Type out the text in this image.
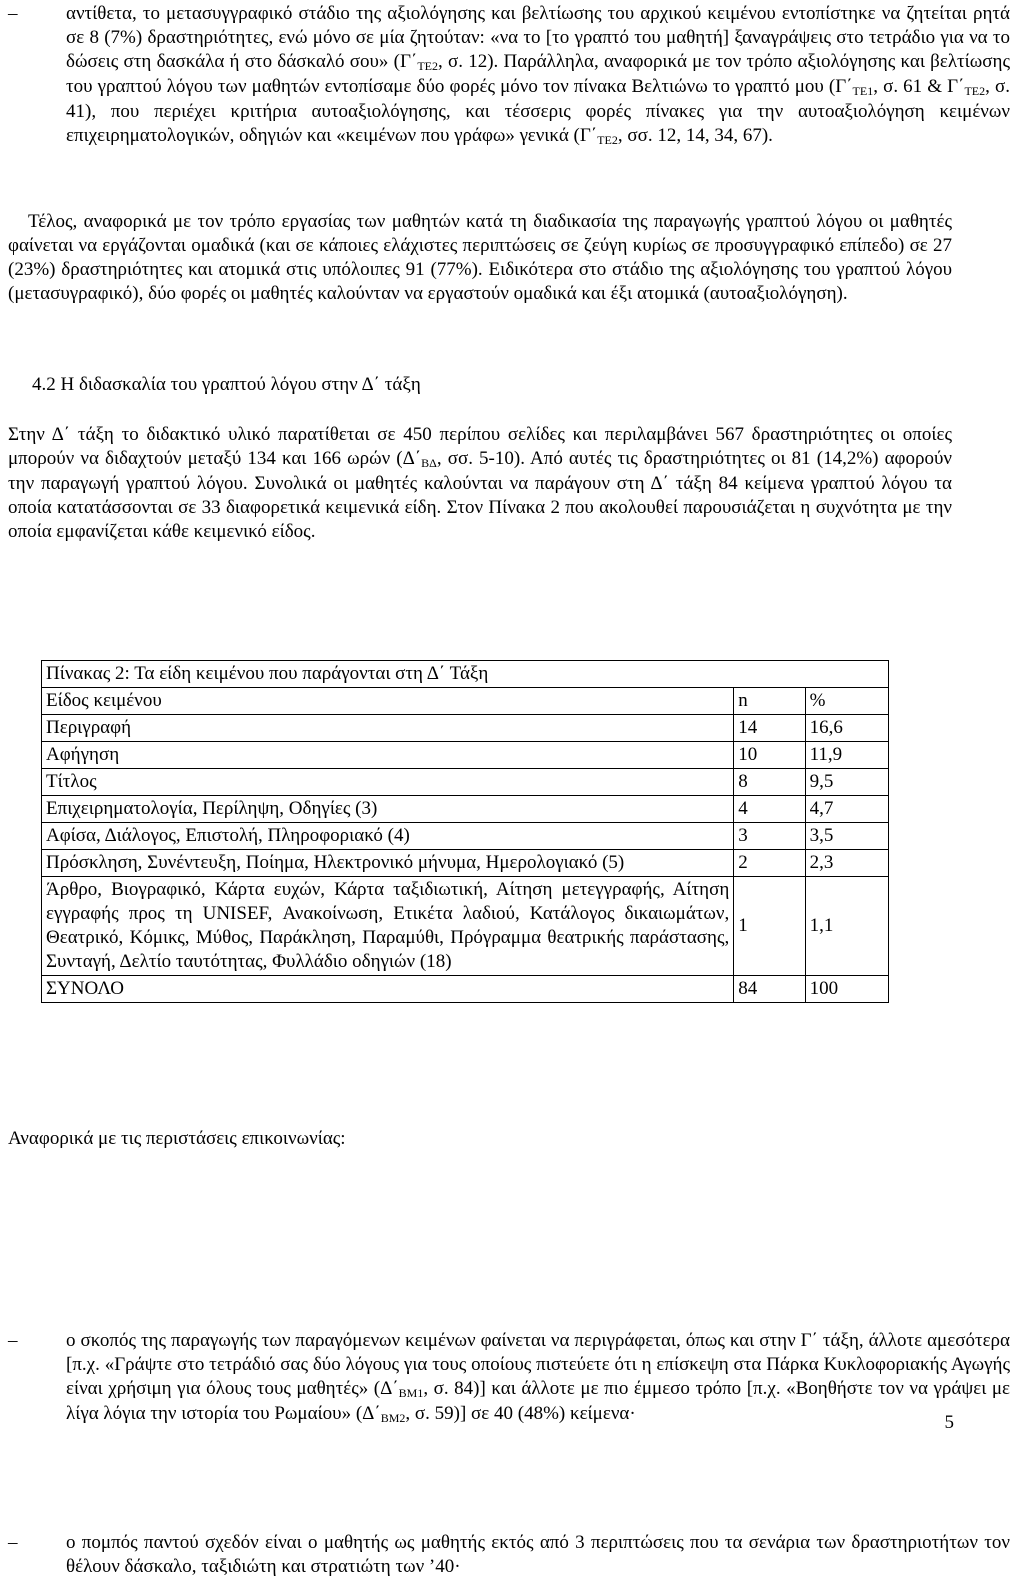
–	αντίθετα, το μετασυγγραφικό στάδιο της αξιολόγησης και βελτίωσης του αρχικού κειμένου εντοπίστηκε να ζητείται ρητά σε 8 (7%) δραστηριότητες, ενώ μόνο σε μία ζητούταν: «να το [το γραπτό του μαθητή] ξαναγράψεις στο τετράδιο για να το δώσεις στη δασκάλα ή στο δάσκαλό σου» ($\Gamma΄_{TE2}$, σ. 12). Παράλληλα, αναφορικά με τον τρόπο αξιολόγησης και βελτίωσης του γραπτού λόγου των μαθητών εντοπίσαμε δύο φορές μόνο τον πίνακα Βελτιώνω το γραπτό μου ($\Gamma΄_{TE1}$, σ. 61 & $\Gamma΄_{TE2}$, σ. 41), που περιέχει κριτήρια αυτοαξιολόγησης, και τέσσερις φορές πίνακες για την αυτοαξιολόγηση κειμένων επιχειρηματολογικών, οδηγιών και «κειμένων που γράφω» γενικά ($\Gamma΄_{TE2}$, σσ. 12, 14, 34, 67).

Τέλος, αναφορικά με τον τρόπο εργασίας των μαθητών κατά τη διαδικασία της παραγωγής γραπτού λόγου οι μαθητές φαίνεται να εργάζονται ομαδικά (και σε κάποιες ελάχιστες περιπτώσεις σε ζεύγη κυρίως σε προσυγγραφικό επίπεδο) σε 27 (23%) δραστηριότητες και ατομικά στις υπόλοιπες 91 (77%). Ειδικότερα στο στάδιο της αξιολόγησης του γραπτού λόγου (μετασυγραφικό), δύο φορές οι μαθητές καλούνταν να εργαστούν ομαδικά και έξι ατομικά (αυτοαξιολόγηση).

4.2 Η διδασκαλία του γραπτού λόγου στην Δ΄ τάξη

Στην Δ΄ τάξη το διδακτικό υλικό παρατίθεται σε 450 περίπου σελίδες και περιλαμβάνει 567 δραστηριότητες οι οποίες μπορούν να διδαχτούν μεταξύ 134 και 166 ωρών ($\Delta΄_{B\Delta}$, σσ. 5-10). Από αυτές τις δραστηριότητες οι 81 (14,2%) αφορούν την παραγωγή γραπτού λόγου. Συνολικά οι μαθητές καλούνται να παράγουν στη Δ΄ τάξη 84 κείμενα γραπτού λόγου τα οποία κατατάσσονται σε 33 διαφορετικά κειμενικά είδη. Στον Πίνακα 2 που ακολουθεί παρουσιάζεται η συχνότητα με την οποία εμφανίζεται κάθε κειμενικό είδος.

Πίνακας 2: Τα είδη κειμένου που παράγονται στη Δ΄ Τάξη		
Είδος κειμένου	n	%
Περιγραφή	14	16,6
Αφήγηση	10	11,9
Τίτλος	8	9,5
Επιχειρηματολογία, Περίληψη, Οδηγίες (3)	4	4,7
Αφίσα, Διάλογος, Επιστολή, Πληροφοριακό (4)	3	3,5
Πρόσκληση, Συνέντευξη, Ποίημα, Ηλεκτρονικό μήνυμα, Ημερολογιακό (5)	2	2,3
Άρθρο, Βιογραφικό, Κάρτα ευχών, Κάρτα ταξιδιωτική, Αίτηση μετεγγραφής, Αίτηση εγγραφής προς τη UNISEF, Ανακοίνωση, Ετικέτα λαδιού, Κατάλογος δικαιωμάτων, Θεατρικό, Κόμικς, Μύθος, Παράκληση, Παραμύθι, Πρόγραμμα θεατρικής παράστασης, Συνταγή, Δελτίο ταυτότητας, Φυλλάδιο οδηγιών (18)	1	1,1
ΣΥΝΟΛΟ	84	100

Αναφορικά με τις περιστάσεις επικοινωνίας:

–	ο σκοπός της παραγωγής των παραγόμενων κειμένων φαίνεται να περιγράφεται, όπως και στην Γ΄ τάξη, άλλοτε αμεσότερα [π.χ. «Γράψτε στο τετράδιό σας δύο λόγους για τους οποίους πιστεύετε ότι η επίσκεψη στα Πάρκα Κυκλοφοριακής Αγωγής είναι χρήσιμη για όλους τους μαθητές» ($\Delta΄_{BM1}$, σ. 84)] και άλλοτε με πιο έμμεσο τρόπο [π.χ. «Βοηθήστε τον να γράψει με λίγα λόγια την ιστορία του Ρωμαίου» ($\Delta΄_{BM2}$, σ. 59)] σε 40 (48%) κείμενα·
–	ο πομπός παντού σχεδόν είναι ο μαθητής ως μαθητής εκτός από 3 περιπτώσεις που τα σενάρια των δραστηριοτήτων τον θέλουν δάσκαλο, ταξιδιώτη και στρατιώτη των ’40·
5
